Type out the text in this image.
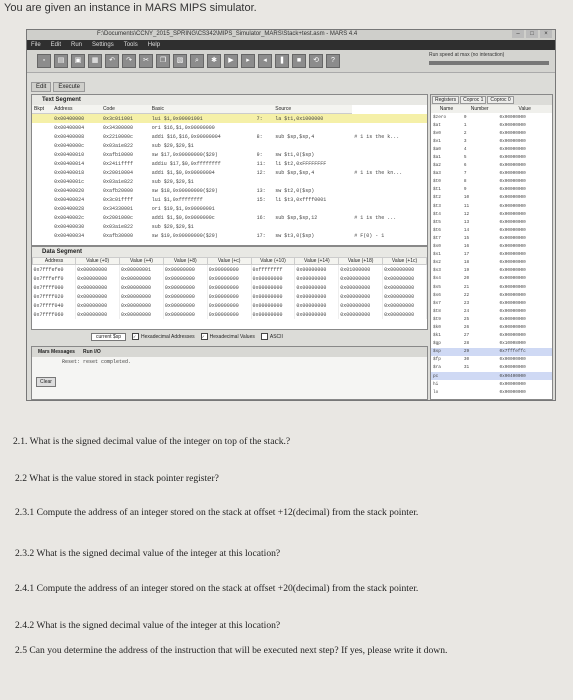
You are given an instance in MARS MIPS simulator.
F:\Documents\CCNY_2015_SPRING\CS342\MIPS_Simulator_MARS\Stack+test.asm - MARS 4.4	–	□	×
File Edit Run Settings Tools Help
▫	▤	▣	▦	↶	↷	✂	❐	▧	⌕	✱	▶	▸	◂	❚	■	⟲	?
Run speed at max (no interaction)
Edit	Execute
Text Segment
Bkpt	Address	Code	Basic		Source	
	0x00400000	0x3c011001	lui $1,0x00001001	7:	la $t1,0x1000000	
	0x00400004	0x34300000	ori $16,$1,0x00000000			
	0x00400008	0x2210000c	addi $16,$16,0x00000004	8:	sub $sp,$sp,4	# 1 is the k...
	0x0040000c	0x03a1e822	sub $29,$29,$1			
	0x00400010	0xafb10000	sw $17,0x00000000($29)	9:	sw $t1,0($sp)	
	0x00400014	0x2411ffff	addiu $17,$0,0xffffffff	11:	li $t2,0xFFFFFFFF	
	0x00400018	0x20010004	addi $1,$0,0x00000004	12:	sub $sp,$sp,4	# 1 is the kn...
	0x0040001c	0x03a1e822	sub $29,$29,$1			
	0x00400020	0xafb20000	sw $18,0x00000000($29)	13:	sw $t2,0($sp)	
	0x00400024	0x3c01ffff	lui $1,0xffffffff	15:	li $t3,0xffff0001	
	0x00400028	0x34330001	ori $19,$1,0x00000001			
	0x0040002c	0x2001000c	addi $1,$0,0x0000000c	16:	sub $sp,$sp,12	# 1 is the ...
	0x00400030	0x03a1e822	sub $29,$29,$1			
	0x00400034	0xafb30000	sw $19,0x00000000($29)	17:	sw $t3,0($sp)	# F(0) - 1
Data Segment
Address	Value (+0)	Value (+4)	Value (+8)	Value (+c)	Value (+10)	Value (+14)	Value (+18)	Value (+1c)
0x7fffefe0	0x00000000	0x00000001	0x00000000	0x00000000	0xffffffff	0x00000000	0x01000000	0x00000000
0x7fffeff0	0x00000000	0x00000000	0x00000000	0x00000000	0x00000000	0x00000000	0x00000000	0x00000000
0x7ffff000	0x00000000	0x00000000	0x00000000	0x00000000	0x00000000	0x00000000	0x00000000	0x00000000
0x7ffff020	0x00000000	0x00000000	0x00000000	0x00000000	0x00000000	0x00000000	0x00000000	0x00000000
0x7ffff040	0x00000000	0x00000000	0x00000000	0x00000000	0x00000000	0x00000000	0x00000000	0x00000000
0x7ffff060	0x00000000	0x00000000	0x00000000	0x00000000	0x00000000	0x00000000	0x00000000	0x00000000
current $sp	✓ Hexadecimal Addresses ✓ Hexadecimal Values	ASCII
Mars Messages Run I/O
Reset: reset completed.
Clear
Registers	Coproc 1	Coproc 0
Name	Number	Value
$zero	0	0x00000000
$at	1	0x00000000
$v0	2	0x00000000
$v1	3	0x00000000
$a0	4	0x00000000
$a1	5	0x00000000
$a2	6	0x00000000
$a3	7	0x00000000
$t0	8	0x00000000
$t1	9	0x00000000
$t2	10	0x00000000
$t3	11	0x00000000
$t4	12	0x00000000
$t5	13	0x00000000
$t6	14	0x00000000
$t7	15	0x00000000
$s0	16	0x00000000
$s1	17	0x00000000
$s2	18	0x00000000
$s3	19	0x00000000
$s4	20	0x00000000
$s5	21	0x00000000
$s6	22	0x00000000
$s7	23	0x00000000
$t8	24	0x00000000
$t9	25	0x00000000
$k0	26	0x00000000
$k1	27	0x00000000
$gp	28	0x10008000
$sp	29	0x7fffeffc
$fp	30	0x00000000
$ra	31	0x00000000
pc		0x00400000
hi		0x00000000
lo		0x00000000
2.1. What is the signed decimal value of the integer on top of the stack.?
2.2 What is the value stored in stack pointer register?
2.3.1 Compute the address of an integer stored on the stack at offset +12(decimal) from the stack pointer.
2.3.2 What is the signed decimal value of the integer at this location?
2.4.1 Compute the address of an integer stored on the stack at offset +20(decimal) from the stack pointer.
2.4.2 What is the signed decimal value of the integer at this location?
2.5 Can you determine the address of the instruction that will be executed next step? If yes, please write it down.
